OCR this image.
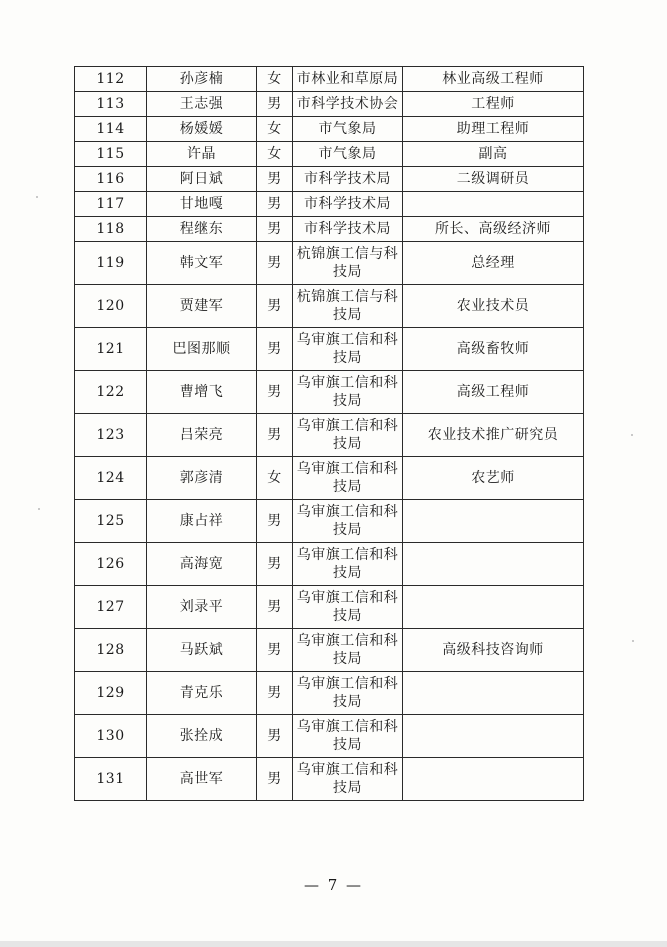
112	孙彦楠	女	市林业和草原局	林业高级工程师
113	王志强	男	市科学技术协会	工程师
114	杨媛媛	女	市气象局	助理工程师
115	许晶	女	市气象局	副高
116	阿日斌	男	市科学技术局	二级调研员
117	甘地嘎	男	市科学技术局	
118	程继东	男	市科学技术局	所长、高级经济师
119	韩文军	男	杭锦旗工信与科技局	总经理
120	贾建军	男	杭锦旗工信与科技局	农业技术员
121	巴图那顺	男	乌审旗工信和科技局	高级畜牧师
122	曹增飞	男	乌审旗工信和科技局	高级工程师
123	吕荣亮	男	乌审旗工信和科技局	农业技术推广研究员
124	郭彦清	女	乌审旗工信和科技局	农艺师
125	康占祥	男	乌审旗工信和科技局	
126	高海宽	男	乌审旗工信和科技局	
127	刘录平	男	乌审旗工信和科技局	
128	马跃斌	男	乌审旗工信和科技局	高级科技咨询师
129	青克乐	男	乌审旗工信和科技局	
130	张拴成	男	乌审旗工信和科技局	
131	高世军	男	乌审旗工信和科技局	
— 7 —
